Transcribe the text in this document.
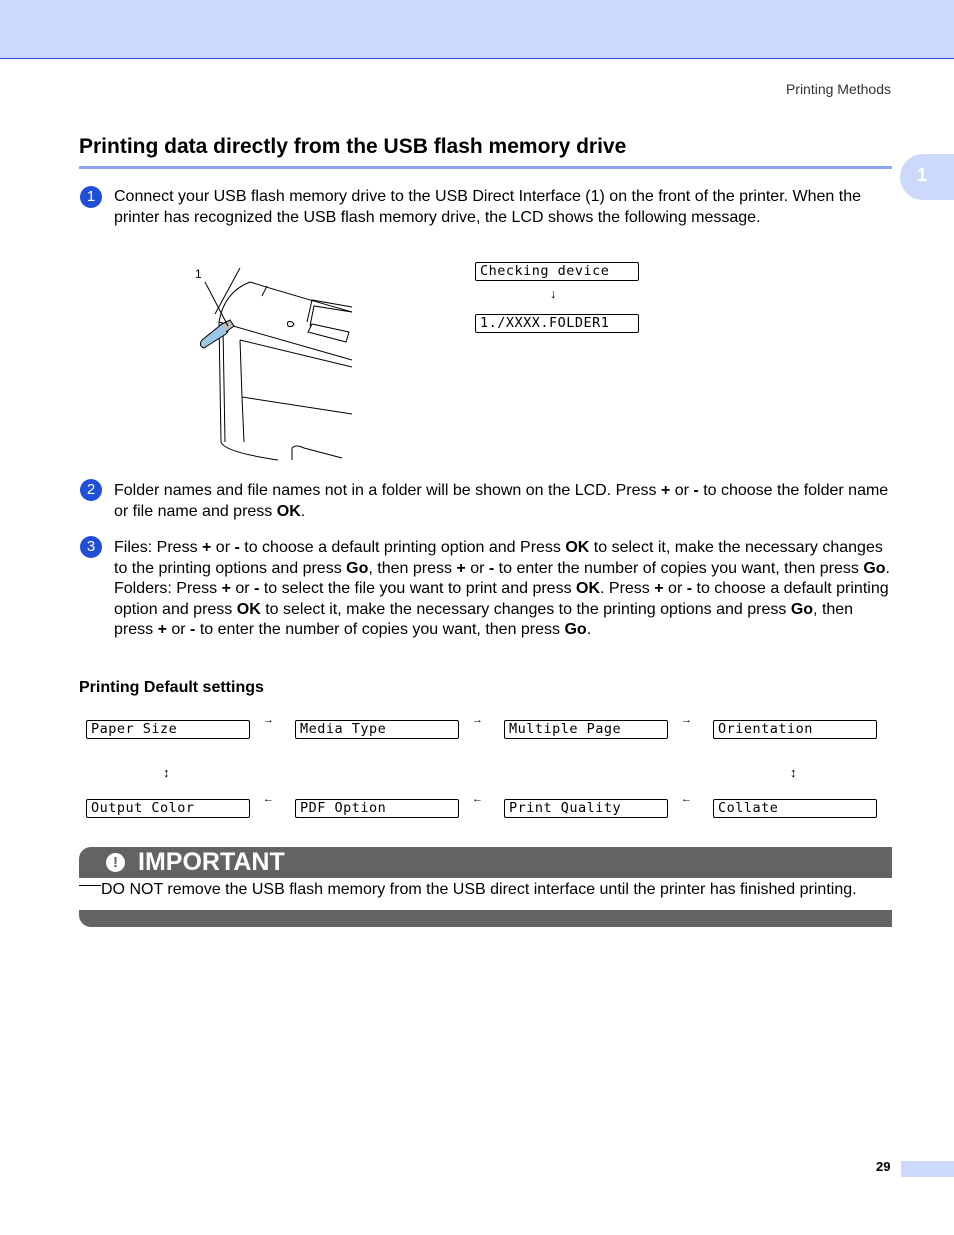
Printing Methods
1
Printing data directly from the USB flash memory drive
1	Connect your USB flash memory drive to the USB Direct Interface (1) on the front of the printer. When the printer has recognized the USB flash memory drive, the LCD shows the following message.

1	Checking device
↓
1./XXXX.FOLDER1
2	Folder names and file names not in a folder will be shown on the LCD. Press + or - to choose the folder name or file name and press OK.

3	Files: Press + or - to choose a default printing option and Press OK to select it, make the necessary changes to the printing options and press Go, then press + or - to enter the number of copies you want, then press Go.
Folders: Press + or - to select the file you want to print and press OK. Press + or - to choose a default printing option and press OK to select it, make the necessary changes to the printing options and press Go, then press + or - to enter the number of copies you want, then press Go.

Printing Default settings
Paper Size	Media Type	Multiple Page	Orientation
→	→	→
↕	↕
Output Color	PDF Option	Print Quality	Collate
←	←	←
! IMPORTANT
DO NOT remove the USB flash memory from the USB direct interface until the printer has finished printing.
29
